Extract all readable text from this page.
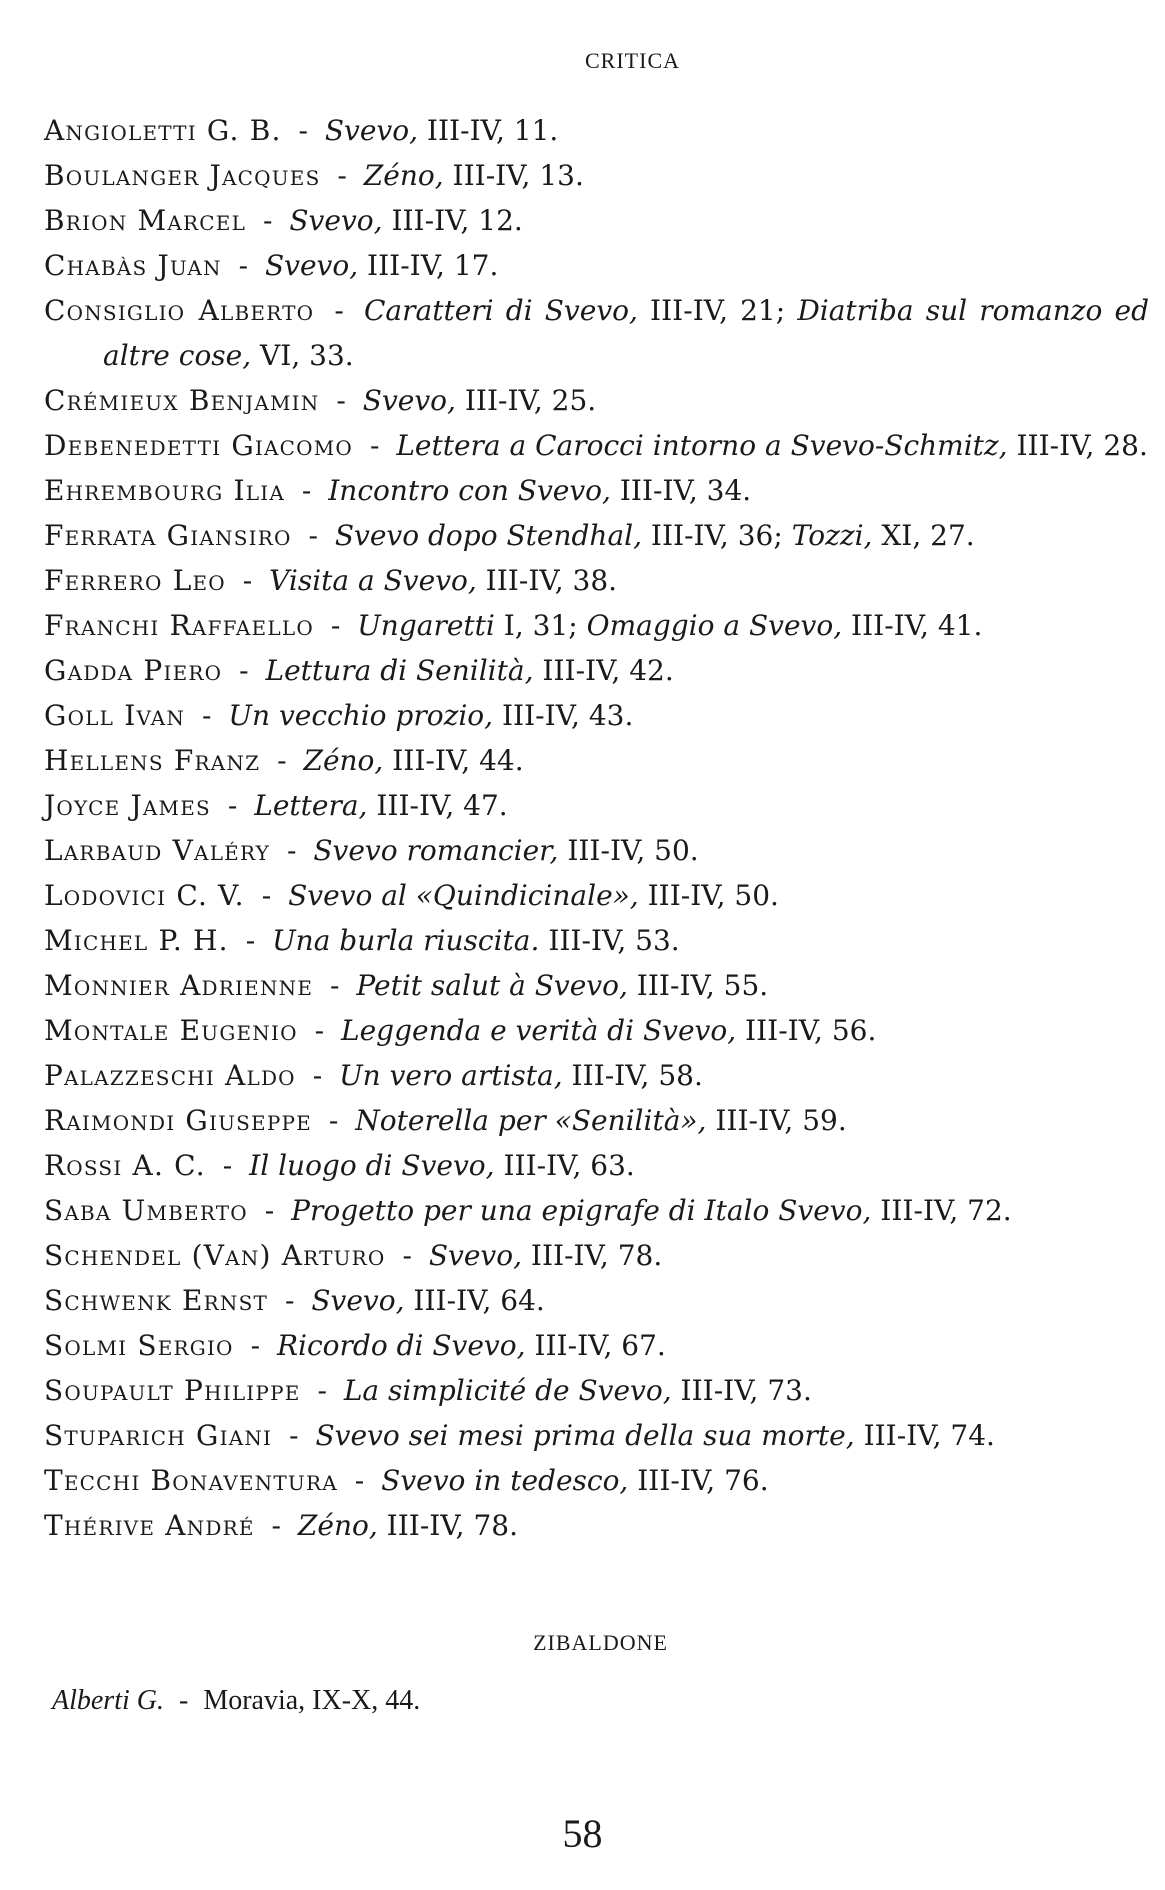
CRITICA
Angioletti G. B. - Svevo, III-IV, 11.
Boulanger Jacques - Zéno, III-IV, 13.
Brion Marcel - Svevo, III-IV, 12.
Chabàs Juan - Svevo, III-IV, 17.
Consiglio Alberto - Caratteri di Svevo, III-IV, 21; Diatriba sul romanzo ed altre cose, VI, 33.
Crémieux Benjamin - Svevo, III-IV, 25.
Debenedetti Giacomo - Lettera a Carocci intorno a Svevo-Schmitz, III-IV, 28.
Ehrembourg Ilia - Incontro con Svevo, III-IV, 34.
Ferrata Giansiro - Svevo dopo Stendhal, III-IV, 36; Tozzi, XI, 27.
Ferrero Leo - Visita a Svevo, III-IV, 38.
Franchi Raffaello - Ungaretti I, 31; Omaggio a Svevo, III-IV, 41.
Gadda Piero - Lettura di Senilità, III-IV, 42.
Goll Ivan - Un vecchio prozio, III-IV, 43.
Hellens Franz - Zéno, III-IV, 44.
Joyce James - Lettera, III-IV, 47.
Larbaud Valéry - Svevo romancier, III-IV, 50.
Lodovici C. V. - Svevo al «Quindicinale», III-IV, 50.
Michel P. H. - Una burla riuscita. III-IV, 53.
Monnier Adrienne - Petit salut à Svevo, III-IV, 55.
Montale Eugenio - Leggenda e verità di Svevo, III-IV, 56.
Palazzeschi Aldo - Un vero artista, III-IV, 58.
Raimondi Giuseppe - Noterella per «Senilità», III-IV, 59.
Rossi A. C. - Il luogo di Svevo, III-IV, 63.
Saba Umberto - Progetto per una epigrafe di Italo Svevo, III-IV, 72.
Schendel (Van) Arturo - Svevo, III-IV, 78.
Schwenk Ernst - Svevo, III-IV, 64.
Solmi Sergio - Ricordo di Svevo, III-IV, 67.
Soupault Philippe - La simplicité de Svevo, III-IV, 73.
Stuparich Giani - Svevo sei mesi prima della sua morte, III-IV, 74.
Tecchi Bonaventura - Svevo in tedesco, III-IV, 76.
Thérive André - Zéno, III-IV, 78.
ZIBALDONE
Alberti G. - Moravia, IX-X, 44.
58
